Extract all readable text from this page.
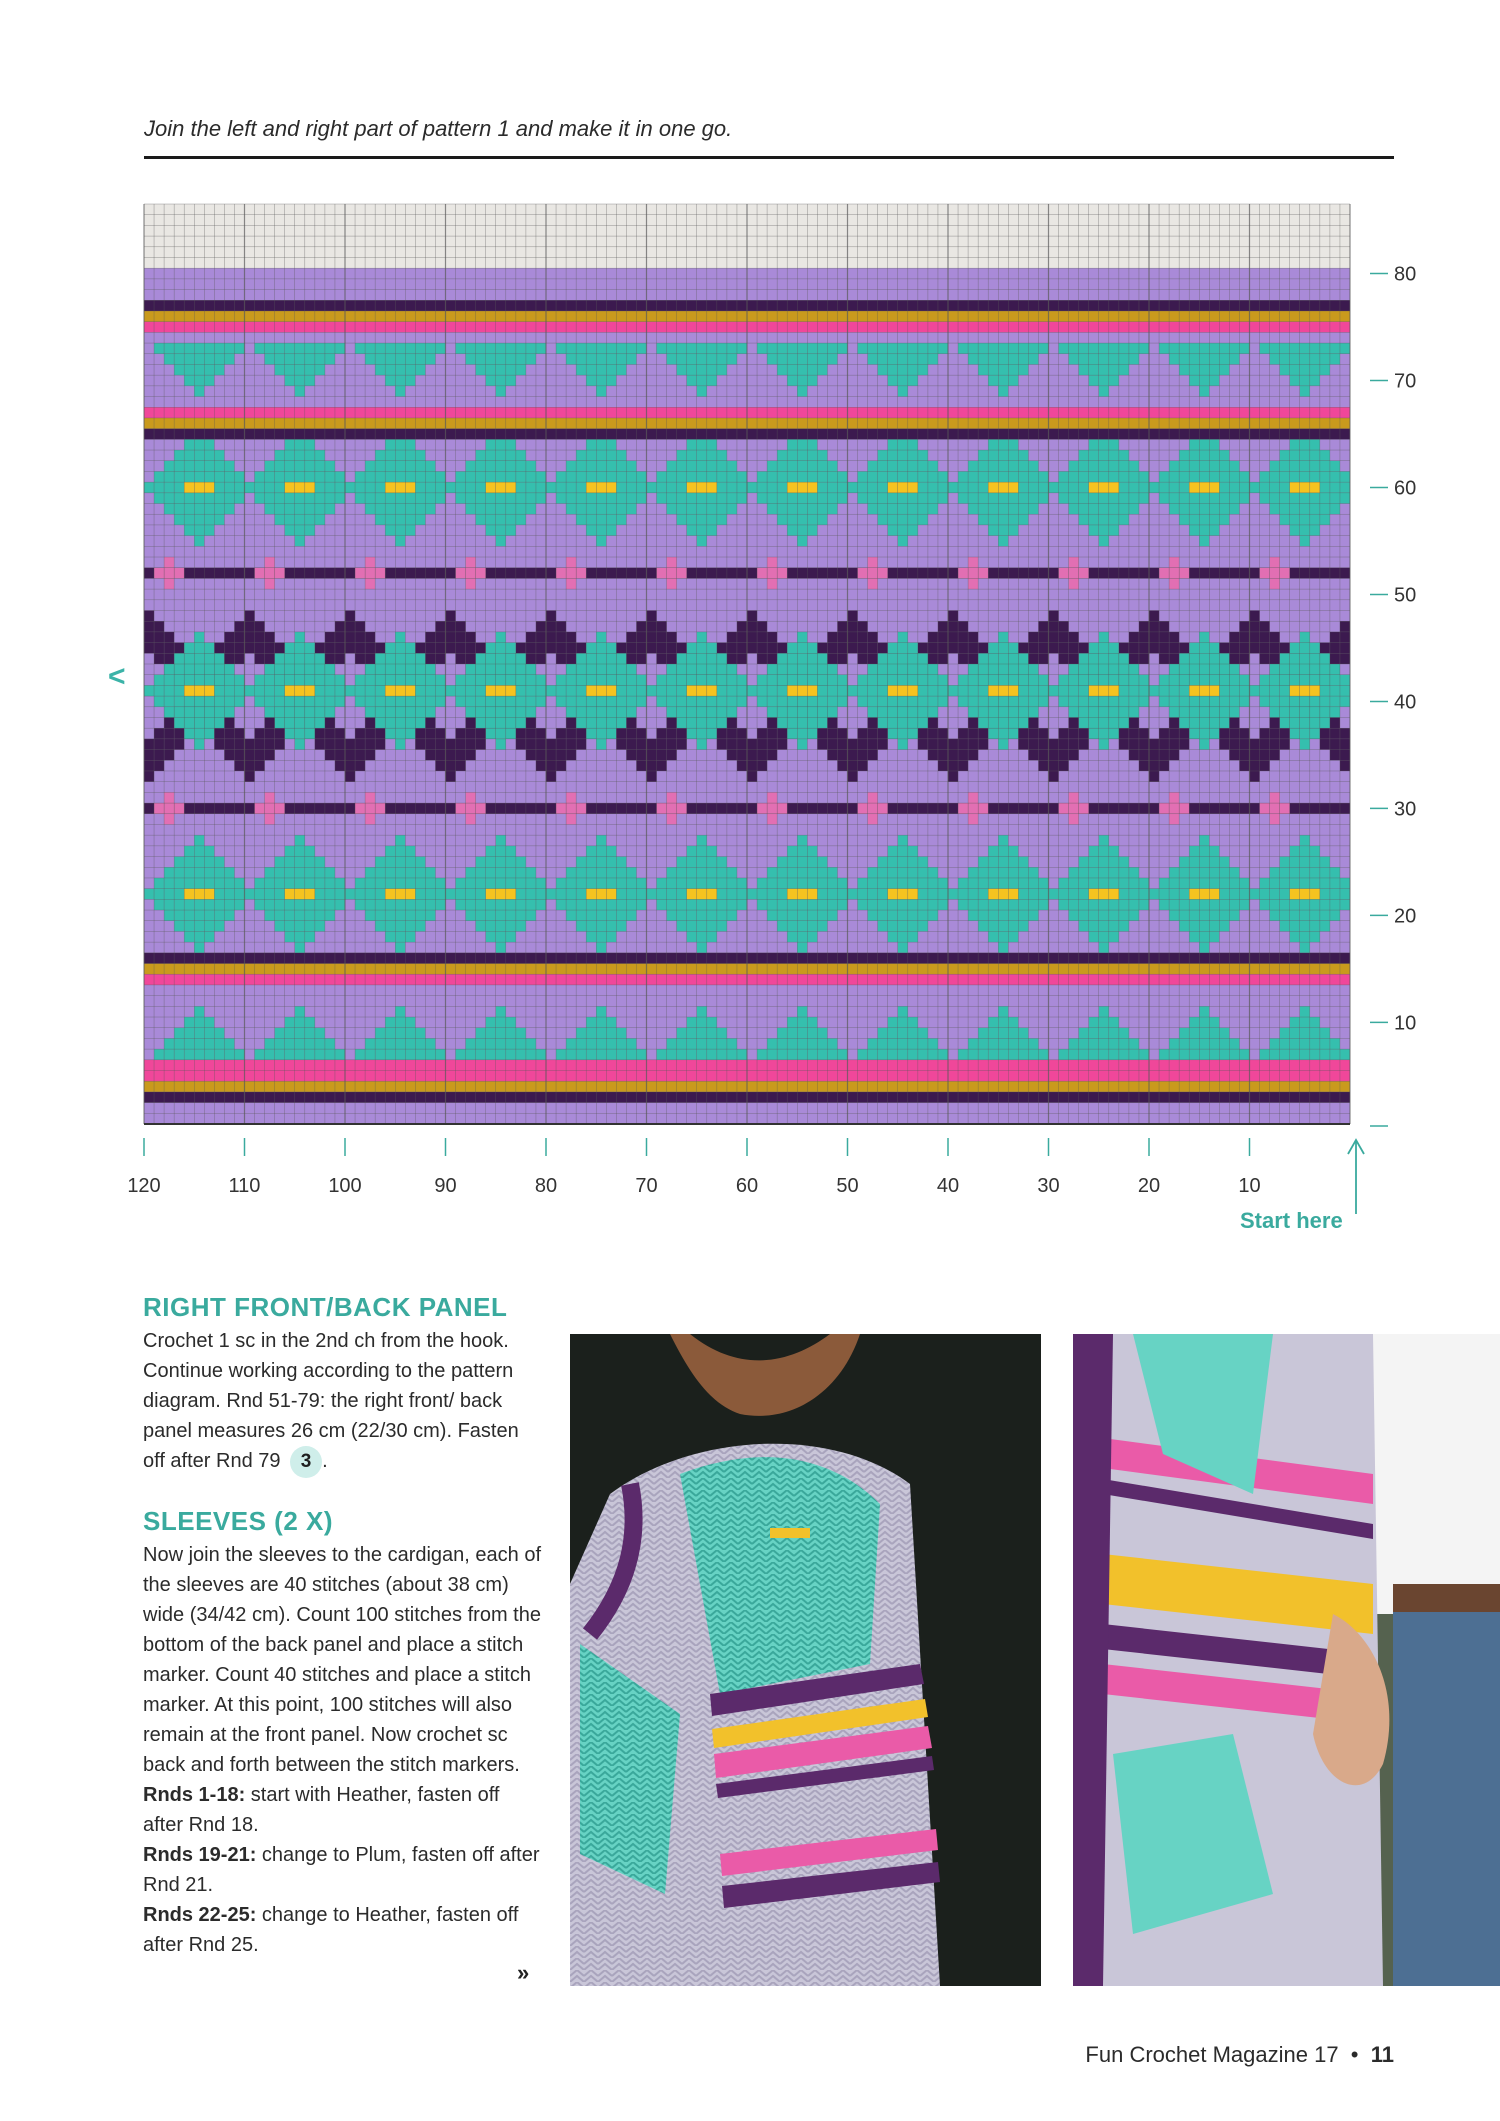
Join the left and right part of pattern 1 and make it in one go.
80
70
60
50
40
30
20
10
120	110	100	90	80	70	60	50	40	30	20	10
<
Start here
RIGHT FRONT/BACK PANEL

Crochet 1 sc in the 2nd ch from the hook. Continue working according to the pattern diagram. Rnd 51-79: the right front/ back panel measures 26 cm (22/30 cm). Fasten off after Rnd 79 3 .

SLEEVES (2 X)

Now join the sleeves to the cardigan, each of the sleeves are 40 stitches (about 38 cm) wide (34/42 cm). Count 100 stitches from the bottom of the back panel and place a stitch marker. Count 40 stitches and place a stitch marker. At this point, 100 stitches will also remain at the front panel. Now crochet sc back and forth between the stitch markers.

Rnds 1-18: start with Heather, fasten off after Rnd 18.

Rnds 19-21: change to Plum, fasten off after Rnd 21.

Rnds 22-25: change to Heather, fasten off after Rnd 25.

»
Fun Crochet Magazine 17 • 11
